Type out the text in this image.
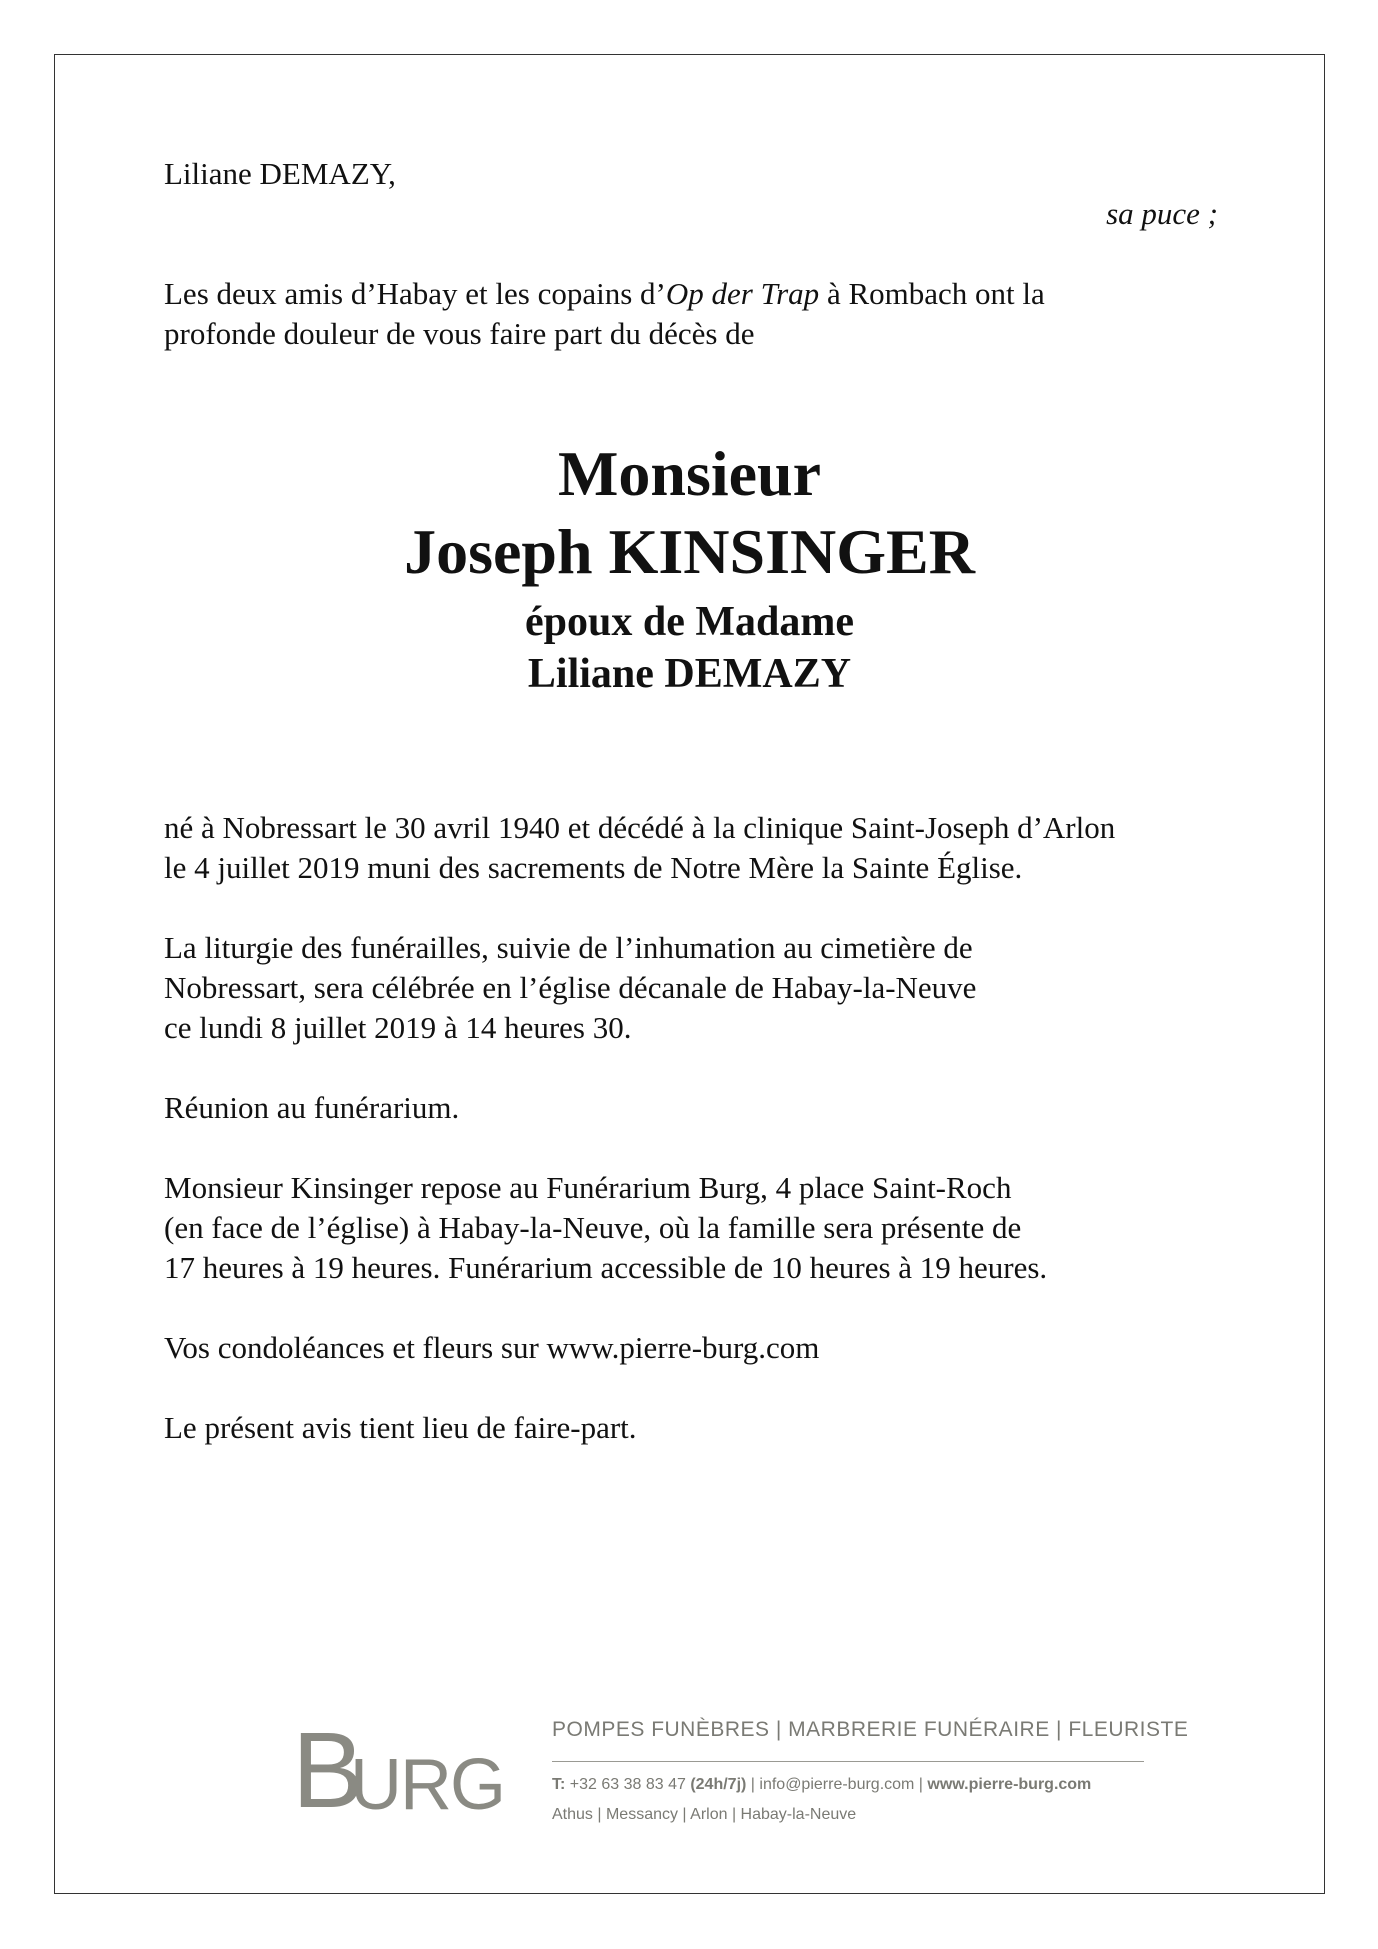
Liliane DEMAZY,

sa puce ;

Les deux amis d’Habay et les copains d’Op der Trap à Rombach ont la
profonde douleur de vous faire part du décès de

Monsieur

Joseph KINSINGER

époux de Madame

Liliane DEMAZY

né à Nobressart le 30 avril 1940 et décédé à la clinique Saint-Joseph d’Arlon
le 4 juillet 2019 muni des sacrements de Notre Mère la Sainte Église.
La liturgie des funérailles, suivie de l’inhumation au cimetière de
Nobressart, sera célébrée en l’église décanale de Habay-la-Neuve
ce lundi 8 juillet 2019 à 14 heures 30.

Réunion au funérarium.

Monsieur Kinsinger repose au Funérarium Burg, 4 place Saint-Roch
(en face de l’église) à Habay-la-Neuve, où la famille sera présente de
17 heures à 19 heures. Funérarium accessible de 10 heures à 19 heures.

Vos condoléances et fleurs sur www.pierre-burg.com

Le présent avis tient lieu de faire-part.

B
URG

POMPES FUNÈBRES | MARBRERIE FUNÉRAIRE | FLEURISTE

T: +32 63 38 83 47 (24h/7j) | info@pierre-burg.com | www.pierre-burg.com

Athus | Messancy | Arlon | Habay-la-Neuve
